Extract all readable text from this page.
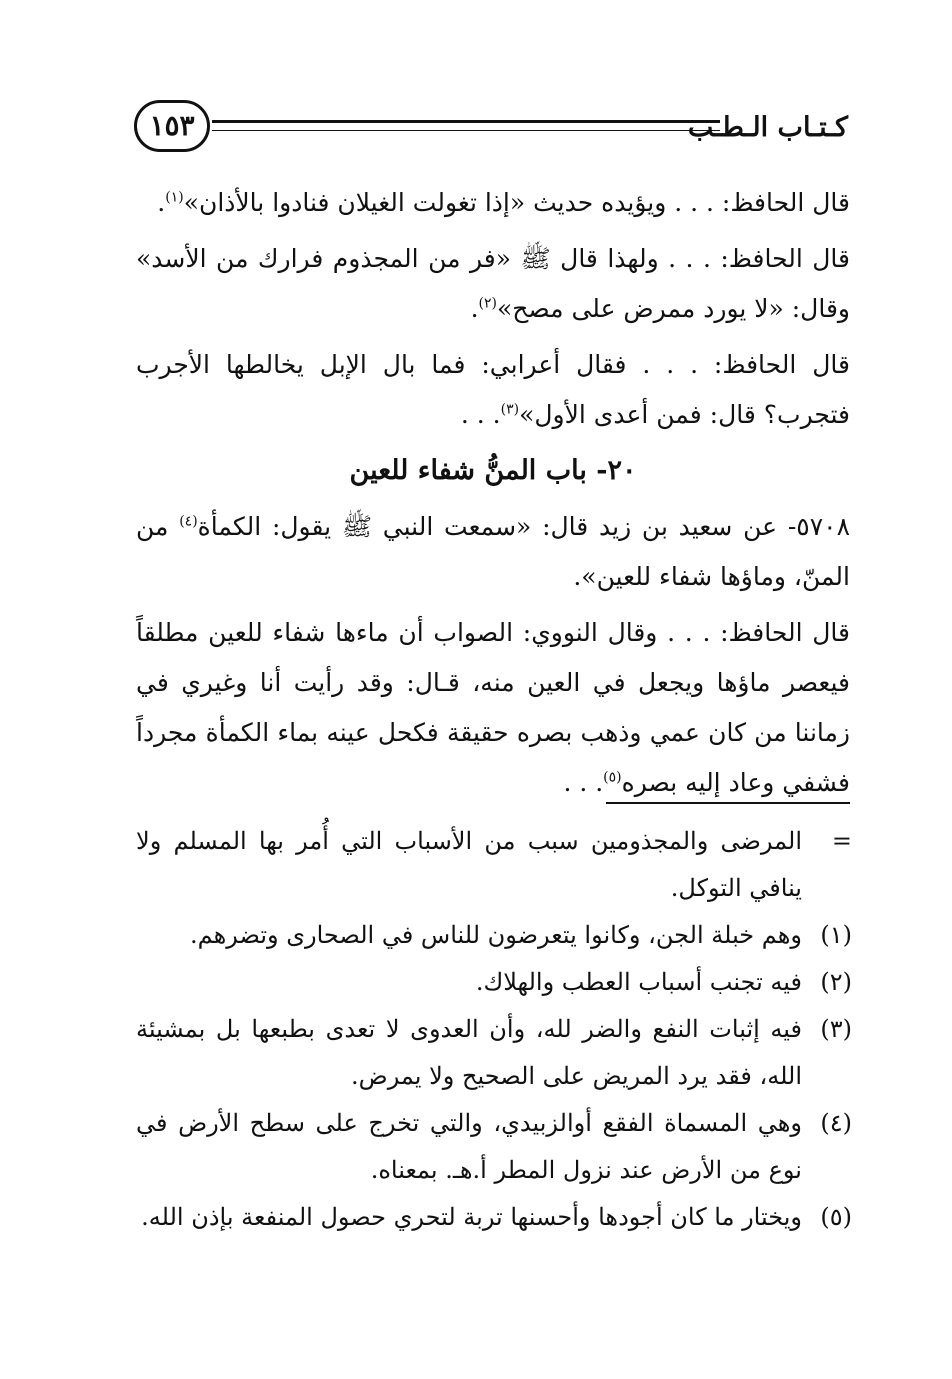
كـتـاب الـطـب
١٥٣

قال الحافظ: . . . ويؤيده حديث «إذا تغولت الغيلان فنادوا بالأذان»$^{(١)}$.

قال الحافظ: . . . ولهذا قال ﷺ «فر من المجذوم فرارك من الأسد» وقال: «لا يورد ممرض على مصح»$^{(٢)}$.

قال الحافظ: . . . فقال أعرابي: فما بال الإبل يخالطها الأجرب فتجرب؟ قال: فمن أعدى الأول»$^{(٣)}$. . .

٢٠- باب المنُّ شفاء للعين

٥٧٠٨- عن سعيد بن زيد قال: «سمعت النبي ﷺ يقول: الكمأة$^{(٤)}$ من المنّ، وماؤها شفاء للعين».

قال الحافظ: . . . وقال النووي: الصواب أن ماءها شفاء للعين مطلقاً فيعصر ماؤها ويجعل في العين منه، قـال: وقد رأيت أنا وغيري في زماننا من كان عمي وذهب بصره حقيقة فكحل عينه بماء الكمأة مجرداً فشفي وعاد إليه بصره$^{(٥)}$. . .

=
المرضى والمجذومين سبب من الأسباب التي أُمر بها المسلم ولا ينافي التوكل.
(١)
وهم خبلة الجن، وكانوا يتعرضون للناس في الصحارى وتضرهم.
(٢)
فيه تجنب أسباب العطب والهلاك.
(٣)
فيه إثبات النفع والضر لله، وأن العدوى لا تعدى بطبعها بل بمشيئة الله، فقد يرد المريض على الصحيح ولا يمرض.
(٤)
وهي المسماة الفقع أوالزبيدي، والتي تخرج على سطح الأرض في نوع من الأرض عند نزول المطر أ.هـ. بمعناه.
(٥)
ويختار ما كان أجودها وأحسنها تربة لتحري حصول المنفعة بإذن الله.
